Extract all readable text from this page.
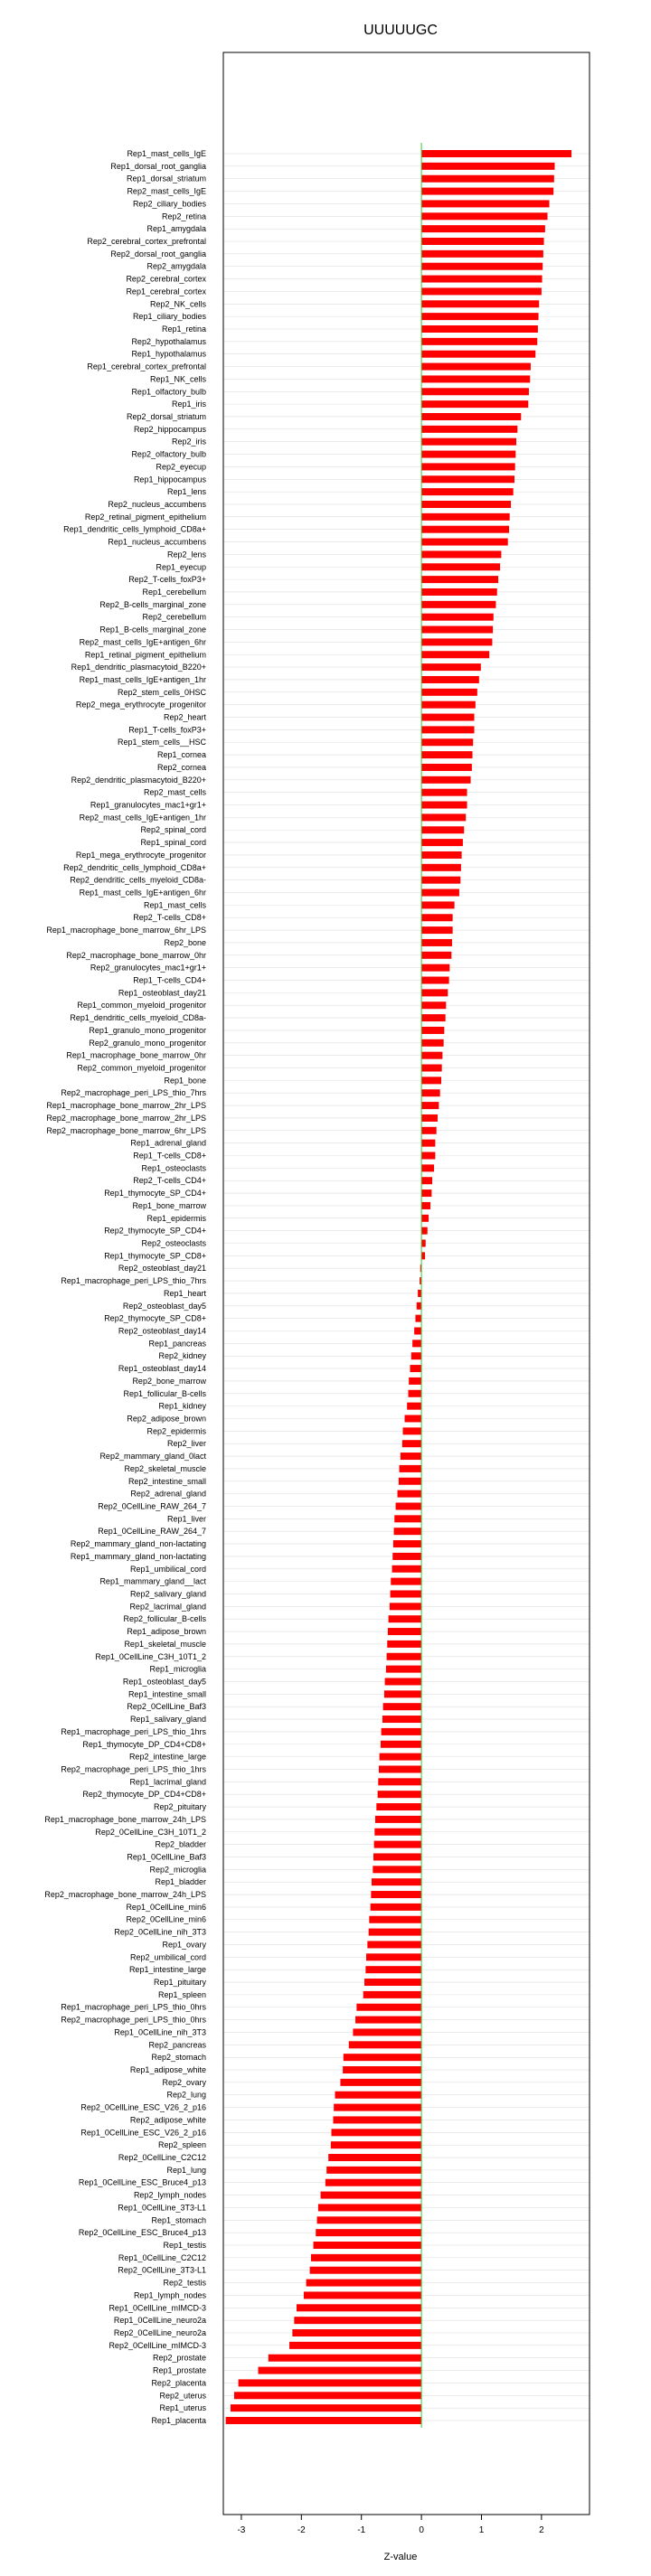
UUUUUGC
Rep1_mast_cells_IgE
Rep1_dorsal_root_ganglia
Rep1_dorsal_striatum
Rep2_mast_cells_IgE
Rep2_ciliary_bodies
Rep2_retina
Rep1_amygdala
Rep2_cerebral_cortex_prefrontal
Rep2_dorsal_root_ganglia
Rep2_amygdala
Rep2_cerebral_cortex
Rep1_cerebral_cortex
Rep2_NK_cells
Rep1_ciliary_bodies
Rep1_retina
Rep2_hypothalamus
Rep1_hypothalamus
Rep1_cerebral_cortex_prefrontal
Rep1_NK_cells
Rep1_olfactory_bulb
Rep1_iris
Rep2_dorsal_striatum
Rep2_hippocampus
Rep2_iris
Rep2_olfactory_bulb
Rep2_eyecup
Rep1_hippocampus
Rep1_lens
Rep2_nucleus_accumbens
Rep2_retinal_pigment_epithelium
Rep1_dendritic_cells_lymphoid_CD8a+
Rep1_nucleus_accumbens
Rep2_lens
Rep1_eyecup
Rep2_T-cells_foxP3+
Rep1_cerebellum
Rep2_B-cells_marginal_zone
Rep2_cerebellum
Rep1_B-cells_marginal_zone
Rep2_mast_cells_IgE+antigen_6hr
Rep1_retinal_pigment_epithelium
Rep1_dendritic_plasmacytoid_B220+
Rep1_mast_cells_IgE+antigen_1hr
Rep2_stem_cells_0HSC
Rep2_mega_erythrocyte_progenitor
Rep2_heart
Rep1_T-cells_foxP3+
Rep1_stem_cells__HSC
Rep1_cornea
Rep2_cornea
Rep2_dendritic_plasmacytoid_B220+
Rep2_mast_cells
Rep1_granulocytes_mac1+gr1+
Rep2_mast_cells_IgE+antigen_1hr
Rep2_spinal_cord
Rep1_spinal_cord
Rep1_mega_erythrocyte_progenitor
Rep2_dendritic_cells_lymphoid_CD8a+
Rep2_dendritic_cells_myeloid_CD8a-
Rep1_mast_cells_IgE+antigen_6hr
Rep1_mast_cells
Rep2_T-cells_CD8+
Rep1_macrophage_bone_marrow_6hr_LPS
Rep2_bone
Rep2_macrophage_bone_marrow_0hr
Rep2_granulocytes_mac1+gr1+
Rep1_T-cells_CD4+
Rep1_osteoblast_day21
Rep1_common_myeloid_progenitor
Rep1_dendritic_cells_myeloid_CD8a-
Rep1_granulo_mono_progenitor
Rep2_granulo_mono_progenitor
Rep1_macrophage_bone_marrow_0hr
Rep2_common_myeloid_progenitor
Rep1_bone
Rep2_macrophage_peri_LPS_thio_7hrs
Rep1_macrophage_bone_marrow_2hr_LPS
Rep2_macrophage_bone_marrow_2hr_LPS
Rep2_macrophage_bone_marrow_6hr_LPS
Rep1_adrenal_gland
Rep1_T-cells_CD8+
Rep1_osteoclasts
Rep2_T-cells_CD4+
Rep1_thymocyte_SP_CD4+
Rep1_bone_marrow
Rep1_epidermis
Rep2_thymocyte_SP_CD4+
Rep2_osteoclasts
Rep1_thymocyte_SP_CD8+
Rep2_osteoblast_day21
Rep1_macrophage_peri_LPS_thio_7hrs
Rep1_heart
Rep2_osteoblast_day5
Rep2_thymocyte_SP_CD8+
Rep2_osteoblast_day14
Rep1_pancreas
Rep2_kidney
Rep1_osteoblast_day14
Rep2_bone_marrow
Rep1_follicular_B-cells
Rep1_kidney
Rep2_adipose_brown
Rep2_epidermis
Rep2_liver
Rep2_mammary_gland_0lact
Rep2_skeletal_muscle
Rep2_intestine_small
Rep2_adrenal_gland
Rep2_0CellLine_RAW_264_7
Rep1_liver
Rep1_0CellLine_RAW_264_7
Rep2_mammary_gland_non-lactating
Rep1_mammary_gland_non-lactating
Rep1_umbilical_cord
Rep1_mammary_gland__lact
Rep2_salivary_gland
Rep2_lacrimal_gland
Rep2_follicular_B-cells
Rep1_adipose_brown
Rep1_skeletal_muscle
Rep1_0CellLine_C3H_10T1_2
Rep1_microglia
Rep1_osteoblast_day5
Rep1_intestine_small
Rep2_0CellLine_Baf3
Rep1_salivary_gland
Rep1_macrophage_peri_LPS_thio_1hrs
Rep1_thymocyte_DP_CD4+CD8+
Rep2_intestine_large
Rep2_macrophage_peri_LPS_thio_1hrs
Rep1_lacrimal_gland
Rep2_thymocyte_DP_CD4+CD8+
Rep2_pituitary
Rep1_macrophage_bone_marrow_24h_LPS
Rep2_0CellLine_C3H_10T1_2
Rep2_bladder
Rep1_0CellLine_Baf3
Rep2_microglia
Rep1_bladder
Rep2_macrophage_bone_marrow_24h_LPS
Rep1_0CellLine_min6
Rep2_0CellLine_min6
Rep2_0CellLine_nih_3T3
Rep1_ovary
Rep2_umbilical_cord
Rep1_intestine_large
Rep1_pituitary
Rep1_spleen
Rep1_macrophage_peri_LPS_thio_0hrs
Rep2_macrophage_peri_LPS_thio_0hrs
Rep1_0CellLine_nih_3T3
Rep2_pancreas
Rep2_stomach
Rep1_adipose_white
Rep2_ovary
Rep2_lung
Rep2_0CellLine_ESC_V26_2_p16
Rep2_adipose_white
Rep1_0CellLine_ESC_V26_2_p16
Rep2_spleen
Rep2_0CellLine_C2C12
Rep1_lung
Rep1_0CellLine_ESC_Bruce4_p13
Rep2_lymph_nodes
Rep1_0CellLine_3T3-L1
Rep1_stomach
Rep2_0CellLine_ESC_Bruce4_p13
Rep1_testis
Rep1_0CellLine_C2C12
Rep2_0CellLine_3T3-L1
Rep2_testis
Rep1_lymph_nodes
Rep1_0CellLine_mIMCD-3
Rep1_0CellLine_neuro2a
Rep2_0CellLine_neuro2a
Rep2_0CellLine_mIMCD-3
Rep2_prostate
Rep1_prostate
Rep2_placenta
Rep2_uterus
Rep1_uterus
Rep1_placenta
-3	-2	-1	0	1	2
Z-value
